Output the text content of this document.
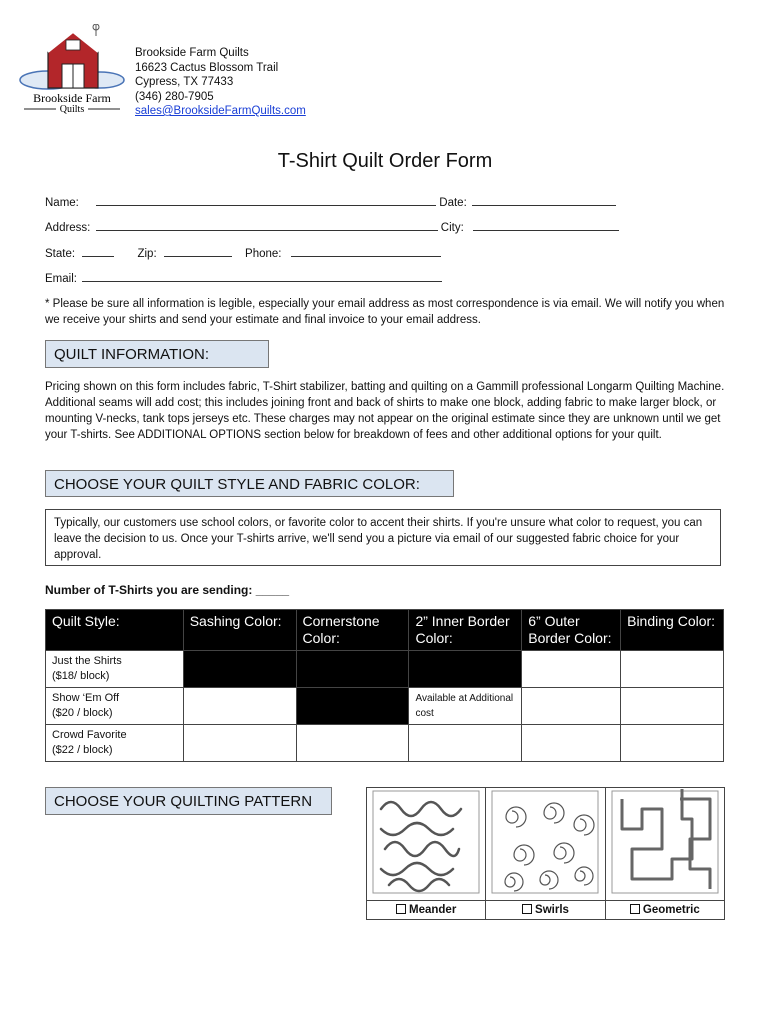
Brookside Farm
Quilts
Brookside Farm Quilts
16623 Cactus Blossom Trail
Cypress, TX 77433
(346) 280-7905
sales@BrooksideFarmQuilts.com
T-Shirt Quilt Order Form
Name:	Date:
Address:	City:
State:	Zip:	Phone:
Email:
* Please be sure all information is legible, especially your email address as most correspondence is via email. We will notify you when we receive your shirts and send your estimate and final invoice to your email address.
QUILT INFORMATION:
Pricing shown on this form includes fabric, T-Shirt stabilizer, batting and quilting on a Gammill professional Longarm Quilting Machine. Additional seams will add cost; this includes joining front and back of shirts to make one block, adding fabric to make larger block, or mounting V-necks, tank tops jerseys etc. These charges may not appear on the original estimate since they are unknown until we get your T-shirts. See ADDITIONAL OPTIONS section below for breakdown of fees and other additional options for your quilt.
CHOOSE YOUR QUILT STYLE AND FABRIC COLOR:
Typically, our customers use school colors, or favorite color to accent their shirts. If you're unsure what color to request, you can leave the decision to us. Once your T-shirts arrive, we'll send you a picture via email of our suggested fabric choice for your approval.
Number of T-Shirts you are sending: _____
Quilt Style:	Sashing Color:	Cornerstone Color:	2” Inner Border Color:	6” Outer Border Color:	Binding Color:

Just the Shirts
($18/ block)					

Show ‘Em Off
($20 / block)			Available at Additional cost		

Crowd Favorite
($22 / block)					

CHOOSE YOUR QUILTING PATTERN

Meander	Swirls	Geometric
